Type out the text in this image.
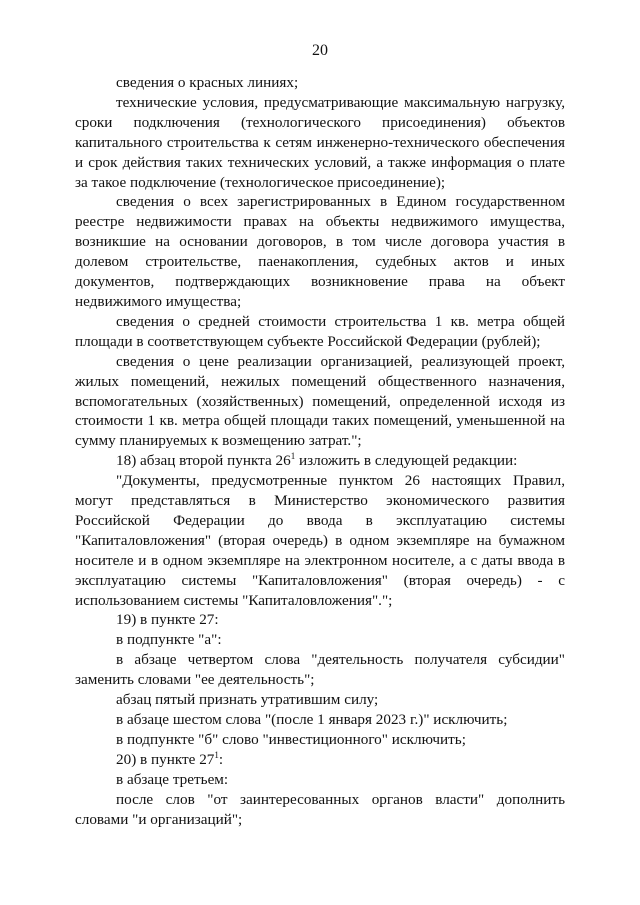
20

сведения о красных линиях;

технические условия, предусматривающие максимальную нагрузку, сроки подключения (технологического присоединения) объектов капитального строительства к сетям инженерно-технического обеспечения и срок действия таких технических условий, а также информация о плате за такое подключение (технологическое присоединение);

сведения о всех зарегистрированных в Едином государственном реестре недвижимости правах на объекты недвижимого имущества, возникшие на основании договоров, в том числе договора участия в долевом строительстве, паенакопления, судебных актов и иных документов, подтверждающих возникновение права на объект недвижимого имущества;

сведения о средней стоимости строительства 1 кв. метра общей площади в соответствующем субъекте Российской Федерации (рублей);

сведения о цене реализации организацией, реализующей проект, жилых помещений, нежилых помещений общественного назначения, вспомогательных (хозяйственных) помещений, определенной исходя из стоимости 1 кв. метра общей площади таких помещений, уменьшенной на сумму планируемых к возмещению затрат.";

18) абзац второй пункта $26^1$ изложить в следующей редакции:

"Документы, предусмотренные пунктом 26 настоящих Правил, могут представляться в Министерство экономического развития Российской Федерации до ввода в эксплуатацию системы "Капиталовложения" (вторая очередь) в одном экземпляре на бумажном носителе и в одном экземпляре на электронном носителе, а с даты ввода в эксплуатацию системы "Капиталовложения" (вторая очередь) - с использованием системы "Капиталовложения".";

19) в пункте 27:

в подпункте "а":

в абзаце четвертом слова "деятельность получателя субсидии" заменить словами "ее деятельность";

абзац пятый признать утратившим силу;

в абзаце шестом слова "(после 1 января 2023 г.)" исключить;

в подпункте "б" слово "инвестиционного" исключить;

20) в пункте $27^1$:

в абзаце третьем:

после слов "от заинтересованных органов власти" дополнить словами "и организаций";
